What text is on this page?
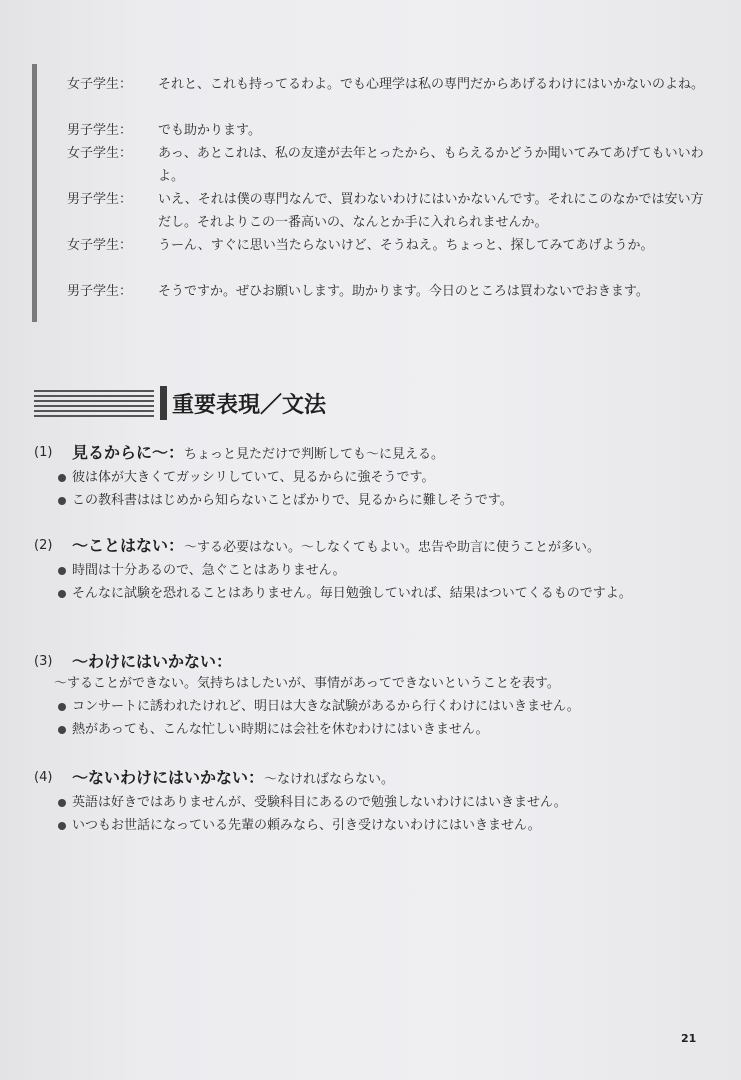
女子学生：	それと、これも持ってるわよ。でも心理学は私の専門だからあげるわけにはいかないのよね。
男子学生：	でも助かります。
女子学生：	あっ、あとこれは、私の友達が去年とったから、もらえるかどうか聞いてみてあげてもいいわよ。
男子学生：	いえ、それは僕の専門なんで、買わないわけにはいかないんです。それにこのなかでは安い方だし。それよりこの一番高いの、なんとか手に入れられませんか。
女子学生：	うーん、すぐに思い当たらないけど、そうねえ。ちょっと、探してみてあげようか。
男子学生：	そうですか。ぜひお願いします。助かります。今日のところは買わないでおきます。
重要表現／文法
(1) 見るからに～：ちょっと見ただけで判断しても～に見える。
彼は体が大きくてガッシリしていて、見るからに強そうです。
この教科書ははじめから知らないことばかりで、見るからに難しそうです。
(2) ～ことはない：～する必要はない。～しなくてもよい。忠告や助言に使うことが多い。
時間は十分あるので、急ぐことはありません。
そんなに試験を恐れることはありません。毎日勉強していれば、結果はついてくるものですよ。
(3) ～わけにはいかない：
～することができない。気持ちはしたいが、事情があってできないということを表す。
コンサートに誘われたけれど、明日は大きな試験があるから行くわけにはいきません。
熱があっても、こんな忙しい時期には会社を休むわけにはいきません。
(4) ～ないわけにはいかない：～なければならない。
英語は好きではありませんが、受験科目にあるので勉強しないわけにはいきません。
いつもお世話になっている先輩の頼みなら、引き受けないわけにはいきません。
21
